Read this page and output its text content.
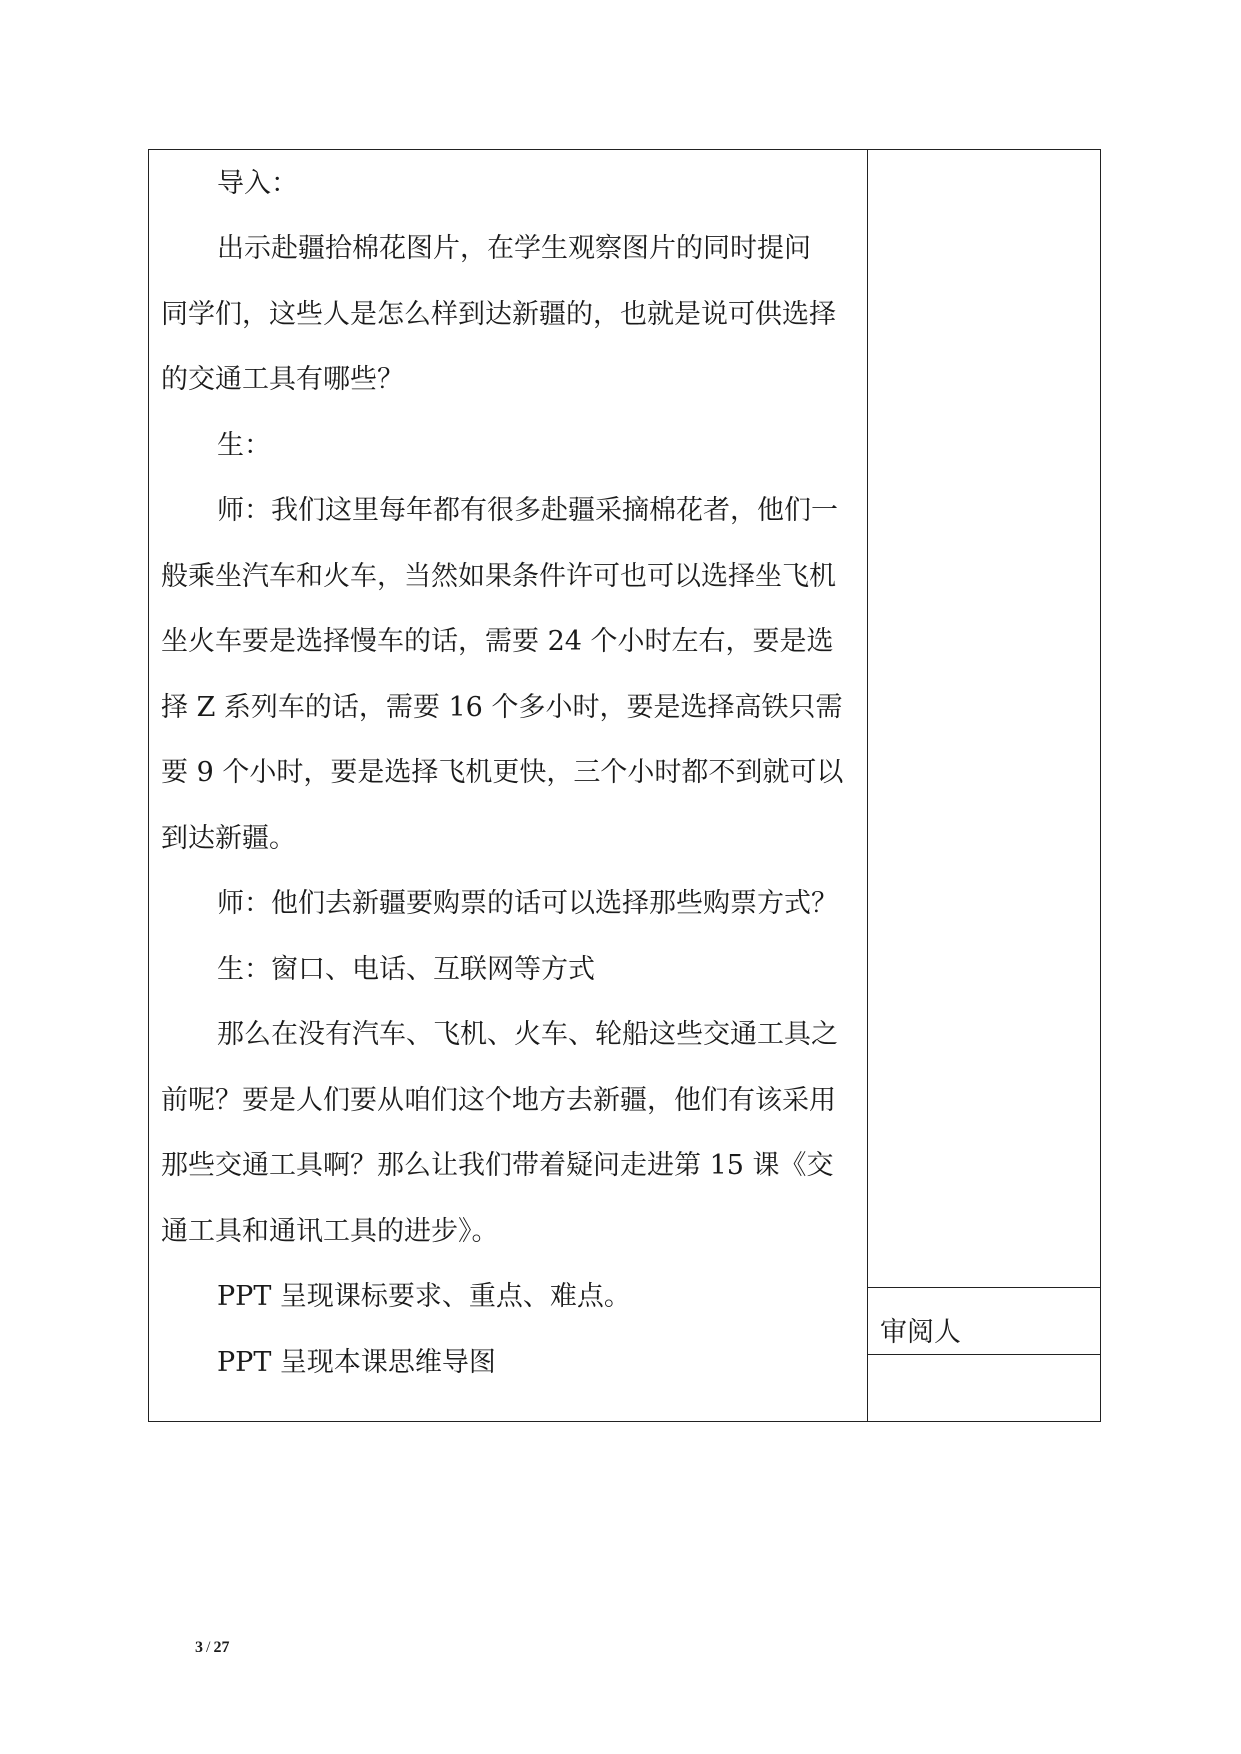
导入：

出示赴疆拾棉花图片，在学生观察图片的同时提问

同学们，这些人是怎么样到达新疆的，也就是说可供选择

的交通工具有哪些？

生：

师：我们这里每年都有很多赴疆采摘棉花者，他们一

般乘坐汽车和火车，当然如果条件许可也可以选择坐飞机

坐火车要是选择慢车的话，需要 24 个小时左右，要是选

择 Z 系列车的话，需要 16 个多小时，要是选择高铁只需

要 9 个小时，要是选择飞机更快，三个小时都不到就可以

到达新疆。

师：他们去新疆要购票的话可以选择那些购票方式？

生：窗口、电话、互联网等方式

那么在没有汽车、飞机、火车、轮船这些交通工具之

前呢？要是人们要从咱们这个地方去新疆，他们有该采用

那些交通工具啊？那么让我们带着疑问走进第 15 课《交

通工具和通讯工具的进步》。

PPT 呈现课标要求、重点、难点。

PPT 呈现本课思维导图

审阅人
3 / 27
